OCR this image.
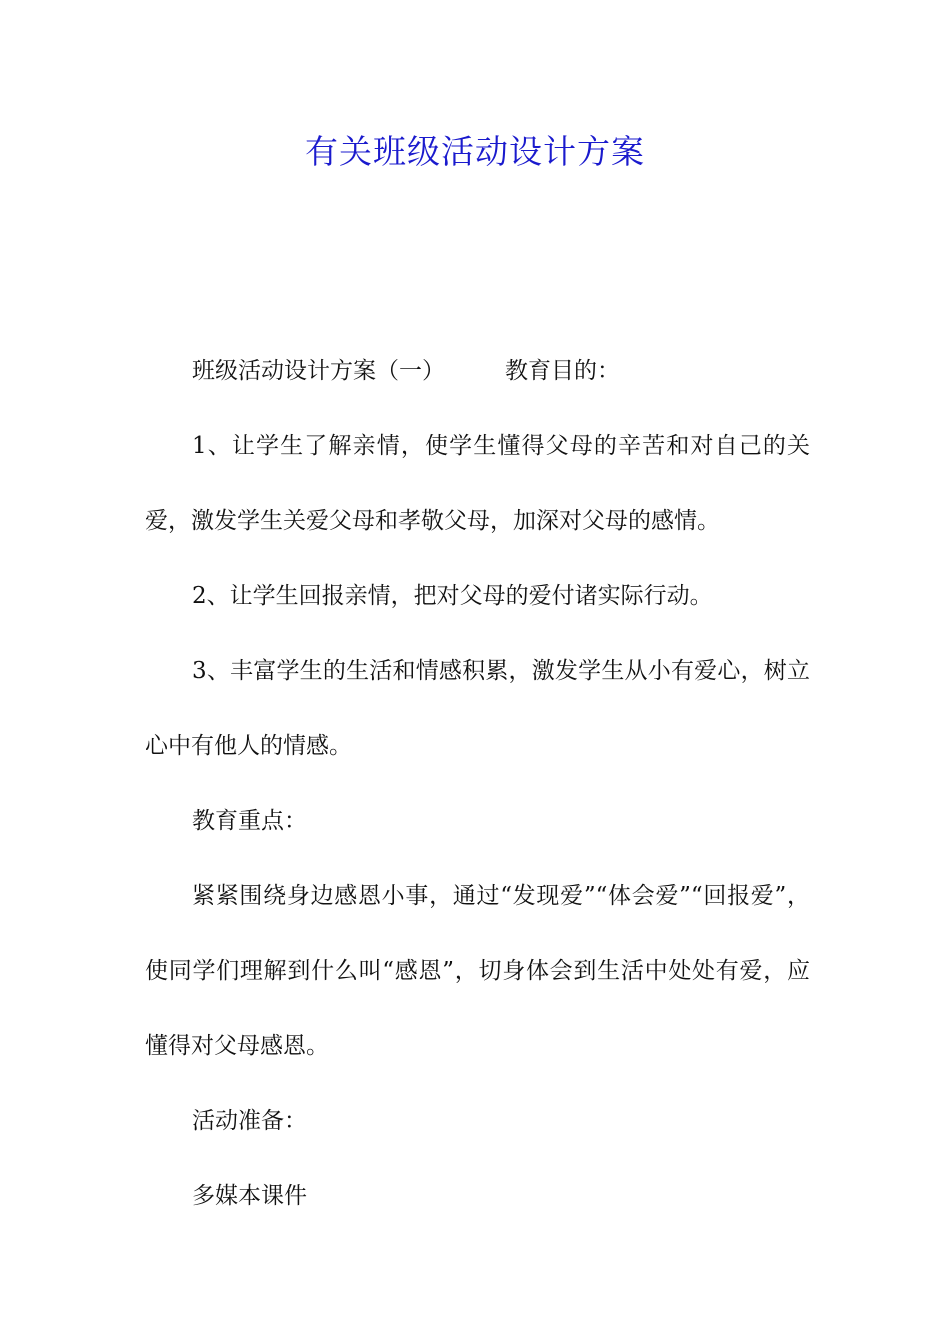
有关班级活动设计方案

班级活动设计方案（一）	教育目的：

1、让学生了解亲情，使学生懂得父母的辛苦和对自己的关爱，激发学生关爱父母和孝敬父母，加深对父母的感情。

2、让学生回报亲情，把对父母的爱付诸实际行动。

3、丰富学生的生活和情感积累，激发学生从小有爱心，树立心中有他人的情感。

教育重点：

紧紧围绕身边感恩小事，通过“发现爱”“体会爱”“回报爱”，使同学们理解到什么叫“感恩”，切身体会到生活中处处有爱，应懂得对父母感恩。

活动准备：

多媒本课件
